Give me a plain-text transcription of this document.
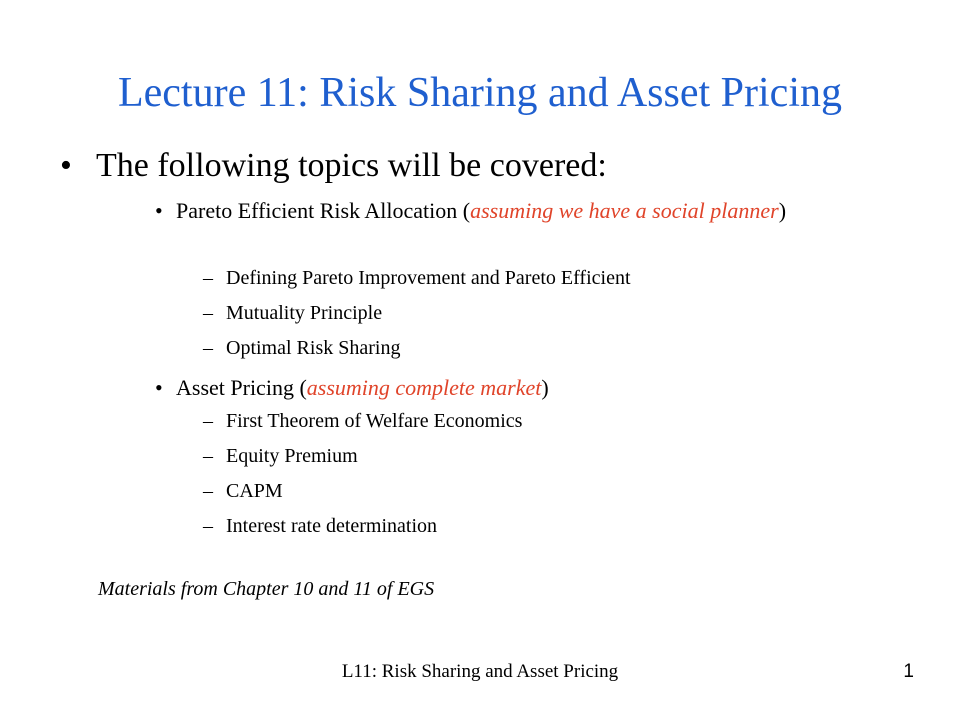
Lecture 11: Risk Sharing and Asset Pricing
• The following topics will be covered:
• Pareto Efficient Risk Allocation (assuming we have a social planner)
– Defining Pareto Improvement and Pareto Efficient
– Mutuality Principle
– Optimal Risk Sharing
• Asset Pricing (assuming complete market)
– First Theorem of Welfare Economics
– Equity Premium
– CAPM
– Interest rate determination
Materials from Chapter 10 and 11 of EGS
L11: Risk Sharing and Asset Pricing	1
